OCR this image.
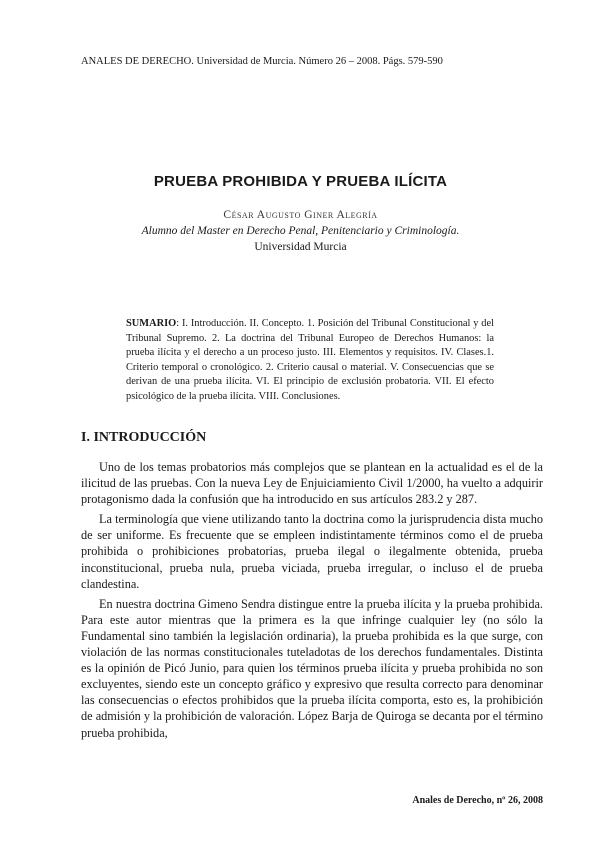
ANALES DE DERECHO. Universidad de Murcia. Número 26 – 2008. Págs. 579-590
PRUEBA PROHIBIDA Y PRUEBA ILÍCITA
César Augusto Giner Alegría
Alumno del Master en Derecho Penal, Penitenciario y Criminología.
Universidad Murcia
SUMARIO: I. Introducción. II. Concepto. 1. Posición del Tribunal Constitucional y del Tribunal Supremo. 2. La doctrina del Tribunal Europeo de Derechos Humanos: la prueba ilícita y el derecho a un proceso justo. III. Elementos y requisitos. IV. Clases.1. Criterio temporal o cronológico. 2. Criterio causal o material. V. Consecuencias que se derivan de una prueba ilícita. VI. El principio de exclusión probatoria. VII. El efecto psicológico de la prueba ilícita. VIII. Conclusiones.
I. INTRODUCCIÓN

Uno de los temas probatorios más complejos que se plantean en la actualidad es el de la ilicitud de las pruebas. Con la nueva Ley de Enjuiciamiento Civil 1/2000, ha vuelto a adquirir protagonismo dada la confusión que ha introducido en sus artículos 283.2 y 287.

La terminología que viene utilizando tanto la doctrina como la jurisprudencia dista mucho de ser uniforme. Es frecuente que se empleen indistintamente términos como el de prueba prohibida o prohibiciones probatorias, prueba ilegal o ilegalmente obtenida, prueba inconstitucional, prueba nula, prueba viciada, prueba irregular, o incluso el de prueba clandestina.

En nuestra doctrina Gimeno Sendra distingue entre la prueba ilícita y la prueba prohibida. Para este autor mientras que la primera es la que infringe cualquier ley (no sólo la Fundamental sino también la legislación ordinaria), la prueba prohibida es la que surge, con violación de las normas constitucionales tuteladotas de los derechos fundamentales. Distinta es la opinión de Picó Junio, para quien los términos prueba ilícita y prueba prohibida no son excluyentes, siendo este un concepto gráfico y expresivo que resulta correcto para denominar las consecuencias o efectos prohibidos que la prueba ilícita comporta, esto es, la prohibición de admisión y la prohibición de valoración. López Barja de Quiroga se decanta por el término prueba prohibida,

Anales de Derecho, nº 26, 2008
